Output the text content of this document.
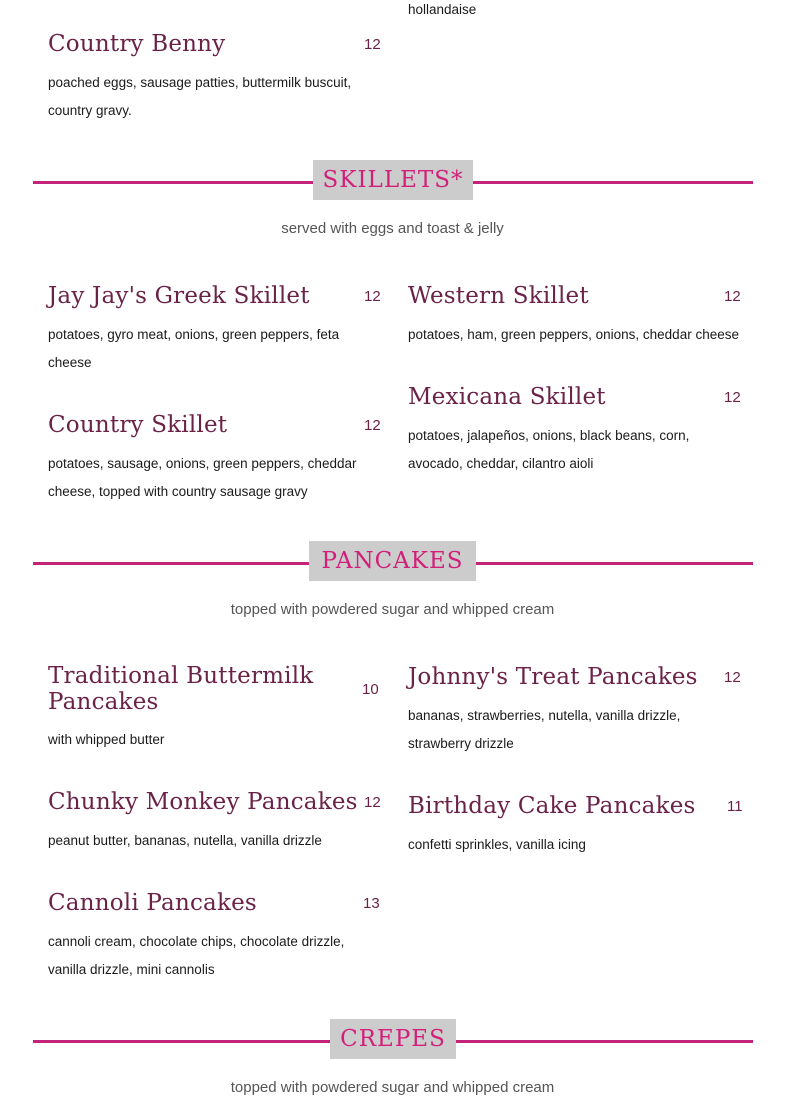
hollandaise
Country Benny	12
poached eggs, sausage patties, buttermilk buscuit, country gravy.
SKILLETS*
served with eggs and toast & jelly
Jay Jay's Greek Skillet	12
potatoes, gyro meat, onions, green peppers, feta cheese
Country Skillet	12
potatoes, sausage, onions, green peppers, cheddar cheese, topped with country sausage gravy
Western Skillet	12
potatoes, ham, green peppers, onions, cheddar cheese
Mexicana Skillet	12
potatoes, jalapeños, onions, black beans, corn, avocado, cheddar, cilantro aioli
PANCAKES
topped with powdered sugar and whipped cream
Traditional Buttermilk Pancakes	10
with whipped butter
Chunky Monkey Pancakes 12
peanut butter, bananas, nutella, vanilla drizzle
Cannoli Pancakes	13
cannoli cream, chocolate chips, chocolate drizzle, vanilla drizzle, mini cannolis
Johnny's Treat Pancakes	12
bananas, strawberries, nutella, vanilla drizzle, strawberry drizzle
Birthday Cake Pancakes	11
confetti sprinkles, vanilla icing
CREPES
topped with powdered sugar and whipped cream
